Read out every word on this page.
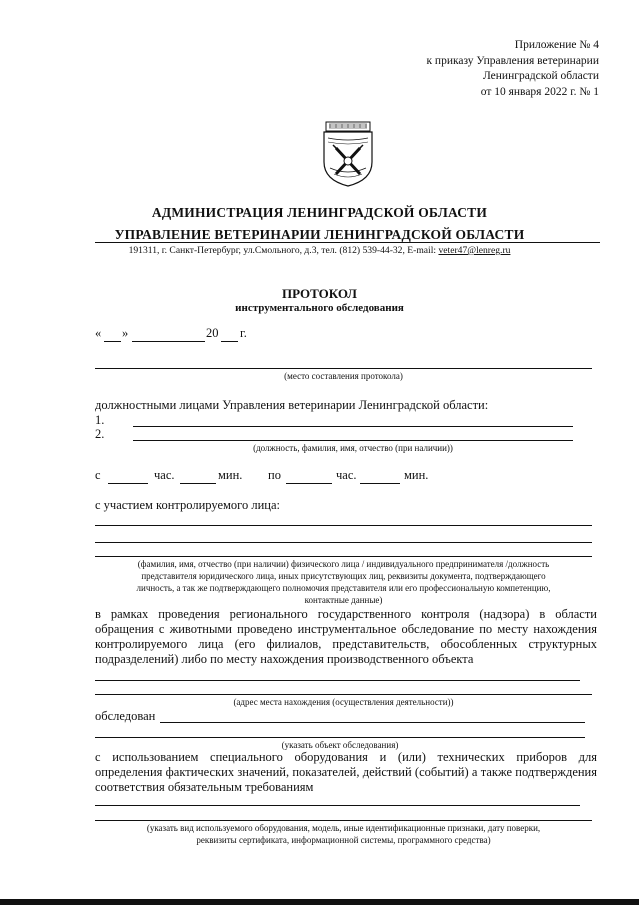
Приложение № 4
к приказу Управления ветеринарии
Ленинградской области
от 10 января 2022 г. № 1
АДМИНИСТРАЦИЯ ЛЕНИНГРАДСКОЙ ОБЛАСТИ
УПРАВЛЕНИЕ ВЕТЕРИНАРИИ ЛЕНИНГРАДСКОЙ ОБЛАСТИ
191311, г. Санкт-Петербург, ул.Смольного, д.3, тел. (812) 539-44-32, E-mail: veter47@lenreg.ru
ПРОТОКОЛ
инструментального обследования
« »	20 г.
(место составления протокола)
должностными лицами Управления ветеринарии Ленинградской области:
1.
2.
(должность, фамилия, имя, отчество (при наличии))
с	час.	мин. по	час.	мин.
с участием контролируемого лица:
(фамилия, имя, отчество (при наличии) физического лица / индивидуального предпринимателя /должность
представителя юридического лица, иных присутствующих лиц, реквизиты документа, подтверждающего
личность, а так же подтверждающего полномочия представителя или его профессиональную компетенцию,
контактные данные)
в рамках проведения регионального государственного контроля (надзора) в области обращения с животными проведено инструментальное обследование по месту нахождения контролируемого лица (его филиалов, представительств, обособленных структурных подразделений) либо по месту нахождения производственного объекта
(адрес места нахождения (осуществления деятельности))
обследован
(указать объект обследования)
с использованием специального оборудования и (или) технических приборов для определения фактических значений, показателей, действий (событий) а также подтверждения соответствия обязательным требованиям
(указать вид используемого оборудования, модель, иные идентификационные признаки, дату поверки,
реквизиты сертификата, информационной системы, программного средства)
